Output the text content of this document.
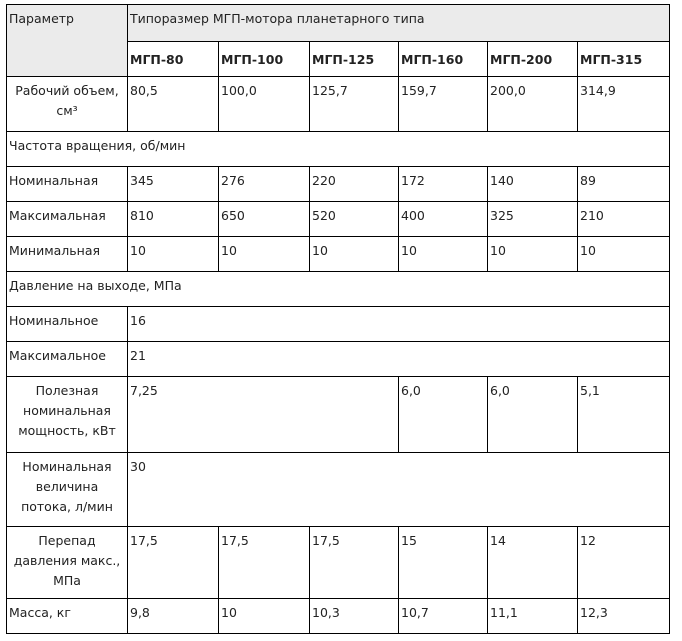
Параметр	Типоразмер МГП-мотора планетарного типа					
	МГП-80	МГП-100	МГП-125	МГП-160	МГП-200	МГП-315
Рабочий объем, см³	80,5	100,0	125,7	159,7	200,0	314,9
Частота вращения, об/мин						
Номинальная	345	276	220	172	140	89
Максимальная	810	650	520	400	325	210
Минимальная	10	10	10	10	10	10
Давление на выходе, МПа						
Номинальное	16					
Максимальное	21					
Полезная номинальная мощность, кВт	7,25			6,0	6,0	5,1
Номинальная величина потока, л/мин	30					
Перепад давления макс., МПа	17,5	17,5	17,5	15	14	12
Масса, кг	9,8	10	10,3	10,7	11,1	12,3
